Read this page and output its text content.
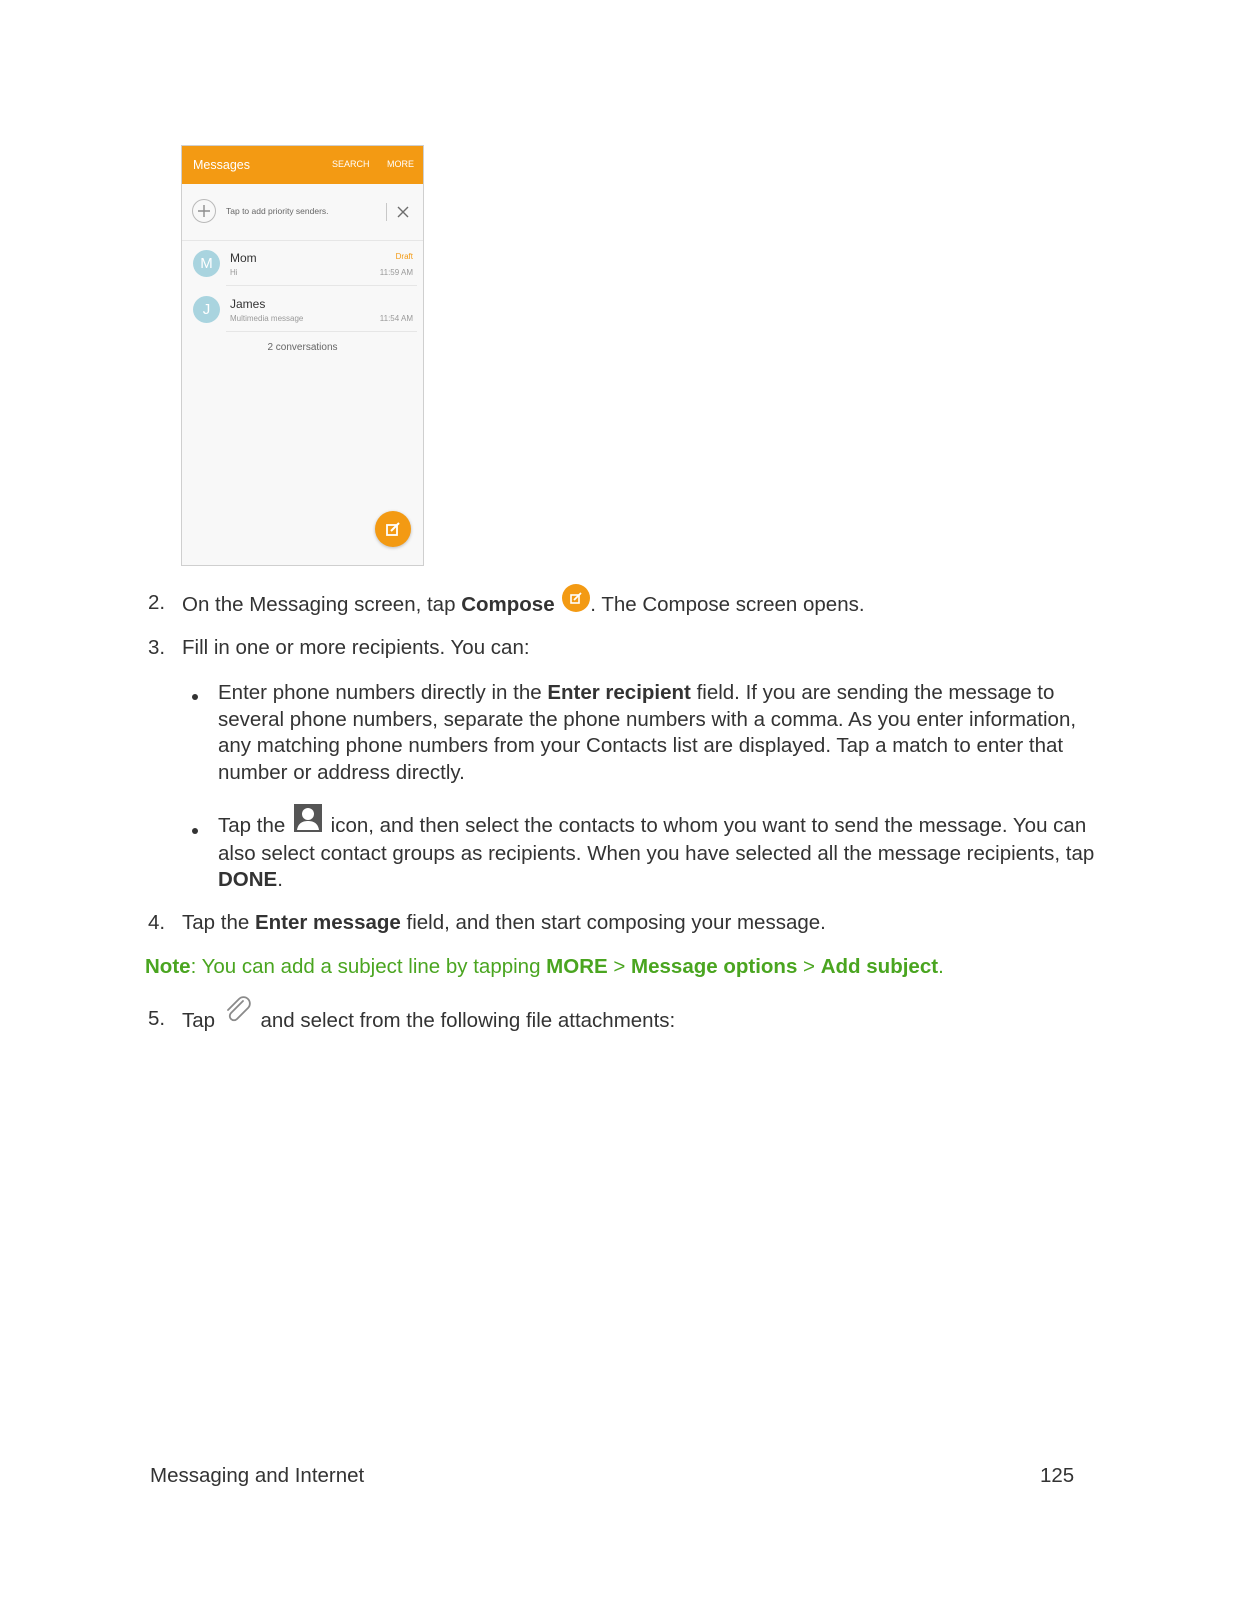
Messages	SEARCH MORE
Tap to add priority senders.
M	Mom
Hi
Draft
11:59 AM
J	James
Multimedia message	11:54 AM
2 conversations
2. On the Messaging screen, tap Compose . The Compose screen opens.
3. Fill in one or more recipients. You can:
Enter phone numbers directly in the Enter recipient field. If you are sending the message to several phone numbers, separate the phone numbers with a comma. As you enter information, any matching phone numbers from your Contacts list are displayed. Tap a match to enter that number or address directly.
Tap the  icon, and then select the contacts to whom you want to send the message. You can also select contact groups as recipients. When you have selected all the message recipients, tap DONE.
4. Tap the Enter message field, and then start composing your message.
Note: You can add a subject line by tapping MORE > Message options > Add subject.
5. Tap  and select from the following file attachments:
Messaging and Internet	125
